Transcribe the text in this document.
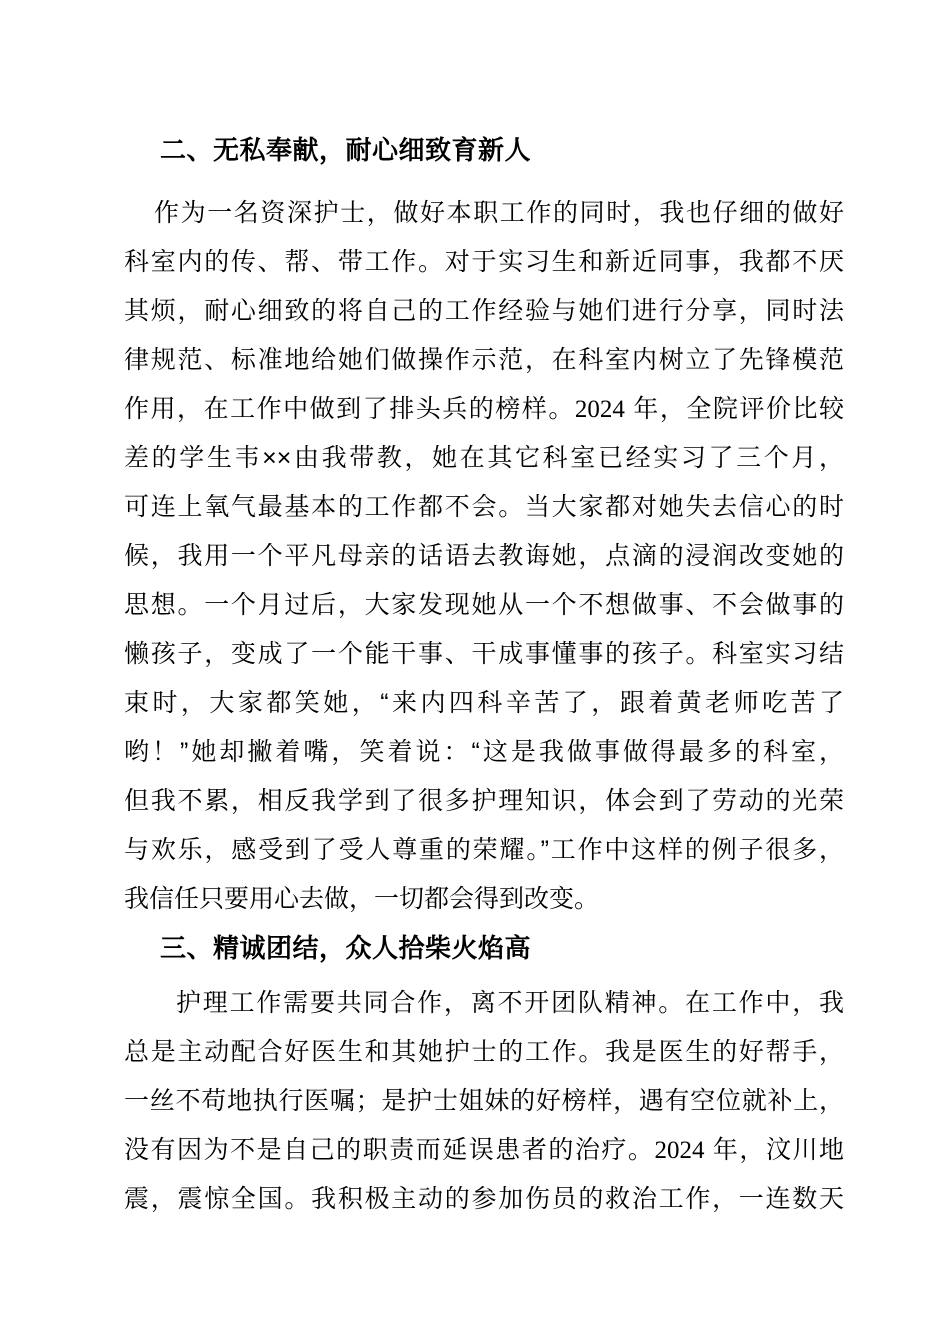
二、无私奉献，耐心细致育新人
作为一名资深护士，做好本职工作的同时，我也仔细的做好
科室内的传、帮、带工作。对于实习生和新近同事，我都不厌
其烦，耐心细致的将自己的工作经验与她们进行分享，同时法
律规范、标准地给她们做操作示范，在科室内树立了先锋模范
作用，在工作中做到了排头兵的榜样。2024 年，全院评价比较
差的学生韦××由我带教，她在其它科室已经实习了三个月，
可连上氧气最基本的工作都不会。当大家都对她失去信心的时
候，我用一个平凡母亲的话语去教诲她，点滴的浸润改变她的
思想。一个月过后，大家发现她从一个不想做事、不会做事的
懒孩子，变成了一个能干事、干成事懂事的孩子。科室实习结
束时，大家都笑她，“来内四科辛苦了，跟着黄老师吃苦了
哟！”她却撇着嘴，笑着说：“这是我做事做得最多的科室，
但我不累，相反我学到了很多护理知识，体会到了劳动的光荣
与欢乐，感受到了受人尊重的荣耀。”工作中这样的例子很多，
我信任只要用心去做，一切都会得到改变。
三、精诚团结，众人拾柴火焰高
护理工作需要共同合作，离不开团队精神。在工作中，我
总是主动配合好医生和其她护士的工作。我是医生的好帮手，
一丝不苟地执行医嘱；是护士姐妹的好榜样，遇有空位就补上，
没有因为不是自己的职责而延误患者的治疗。2024 年，汶川地
震，震惊全国。我积极主动的参加伤员的救治工作，一连数天
